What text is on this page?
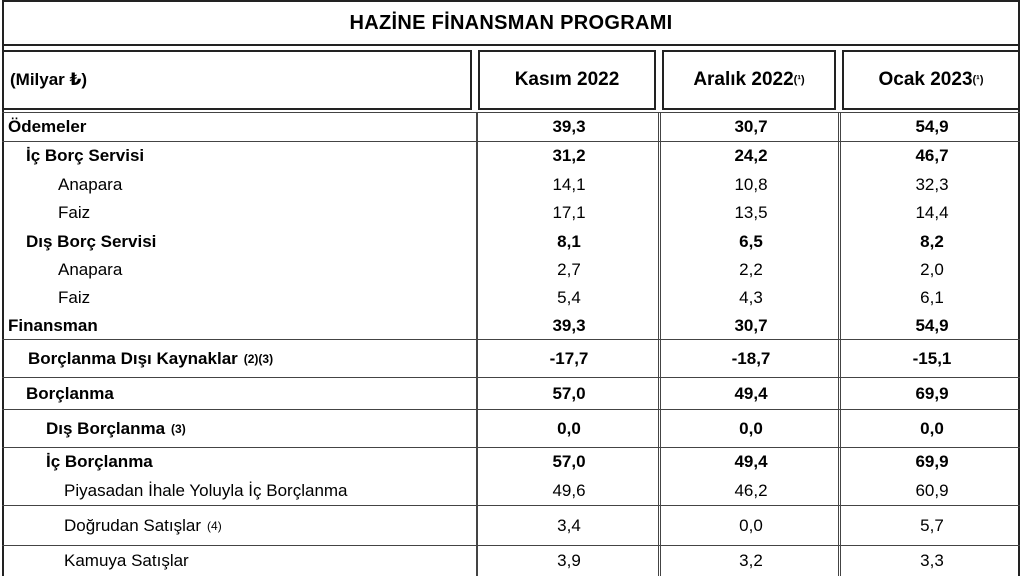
HAZİNE FİNANSMAN PROGRAMI
(Milyar ₺)	Kasım 2022	Aralık 2022 (¹)	Ocak 2023 (¹)
Ödemeler	39,3	30,7	54,9
İç Borç Servisi	31,2	24,2	46,7
Anapara	14,1	10,8	32,3
Faiz	17,1	13,5	14,4
Dış Borç Servisi	8,1	6,5	8,2
Anapara	2,7	2,2	2,0
Faiz	5,4	4,3	6,1
Finansman	39,3	30,7	54,9
Borçlanma Dışı Kaynaklar (2)(3)	-17,7	-18,7	-15,1
Borçlanma	57,0	49,4	69,9
Dış Borçlanma (3)	0,0	0,0	0,0
İç Borçlanma	57,0	49,4	69,9
Piyasadan İhale Yoluyla İç Borçlanma	49,6	46,2	60,9
Doğrudan Satışlar (4)	3,4	0,0	5,7
Kamuya Satışlar	3,9	3,2	3,3
